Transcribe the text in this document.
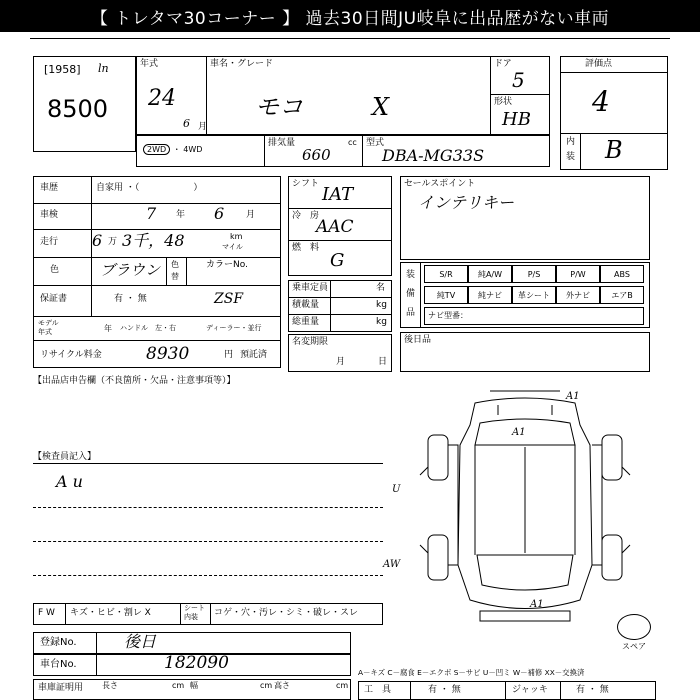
【 トレタマ30コーナー 】 過去30日間JU岐阜に出品歴がない車両
[1958] ln
8500
年式
24
6 月
車名・グレード
モコ	X
ドア
5
形状
HB
2WD ・ 4WD
排気量
660
cc 型式
DBA-MG33S
評価点
4
内
装 B
車歴	自家用 ・（　　　　　　）
車検	7 年 6 月
走行 6 万 3千，48	km
マイル
色	ブラウン 色
替
カラーNo.
保証書	有 ・ 無	ZSF
モデル
年式	年 ハンドル　左・右	ディーラー・並行
リサイクル料金	8930	円 預託済
シフト IAT
冷　房
AAC
燃　料
G
乗車定員	名
積載量	kg
総重量	kg
名変期限
月	日
セールスポイント
インテリキー
装
備
品
S/R	純A/W	P/S	P/W	ABS
純TV	純ナビ	革シート	外ナビ	エアB
ナビ型番：
後日品
【出品店申告欄（不良箇所・欠品・注意事項等）】
【検査員記入】
A u
A1
A1
U
AW
A1
スペア
F W キズ・ヒビ・割レ X	シート
内装 コゲ・穴・汚レ・シミ・破レ・スレ
登録No.	後日
車台No.	182090
車庫証明用 長さ	cm 幅	cm 高さ	cm
A－キズ C－腐食 E－エクボ S－サビ U－凹ミ W－補修 XX－交換済
工　具	有 ・ 無	ジャッキ	有 ・ 無
